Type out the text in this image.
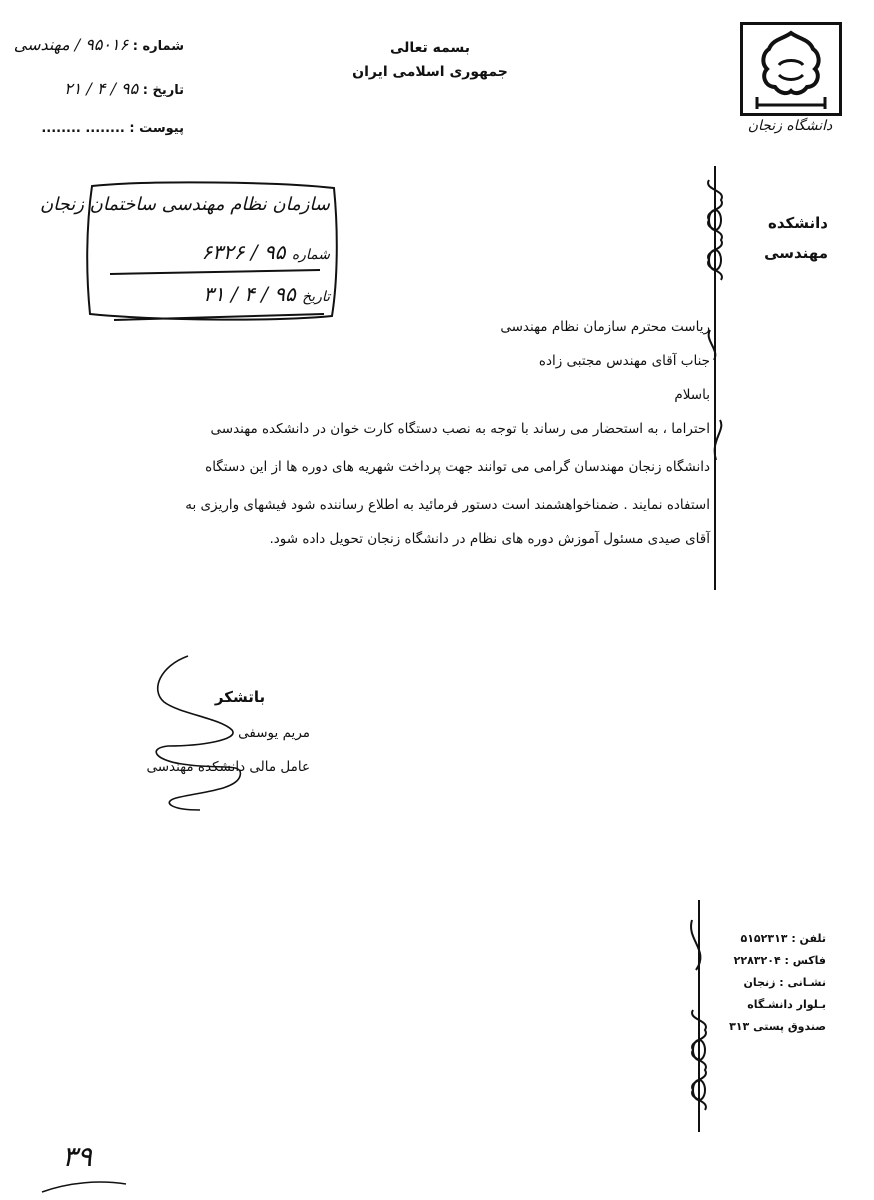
بسمه تعالی
جمهوری اسلامی ایران
شماره : ۹۵۰۱۶ / مهندسی
تاریخ : ۹۵ / ۴ / ۲۱
پیوست : ........ ........	دانشگاه زنجان
دانشکده
مهندسی
سازمان نظام مهندسی ساختمان زنجان
شماره ۹۵ / ۶۳۲۶
تاریخ ۹۵ / ۴ / ۳۱
ریاست محترم سازمان نظام مهندسی
جناب آقای مهندس مجتبی زاده
باسلام
احتراما ، به استحضار می رساند با توجه به نصب دستگاه کارت خوان در دانشکده مهندسی
دانشگاه زنجان مهندسان گرامی می توانند جهت پرداخت شهریه های دوره ها از این دستگاه
استفاده نمایند . ضمناخواهشمند است دستور فرمائید به اطلاع رساننده شود فیشهای واریزی به
آقای صیدی مسئول آموزش دوره های نظام در دانشگاه زنجان تحویل داده شود.
باتشکر
مریم یوسفی
عامل مالی دانشکده مهندسی
تلفن : ۵۱۵۲۳۱۳
فاکس : ۲۲۸۳۲۰۴
نشـانی : زنجان
بـلوار دانشـگاه
صندوق پستی ۳۱۳
۳۹
